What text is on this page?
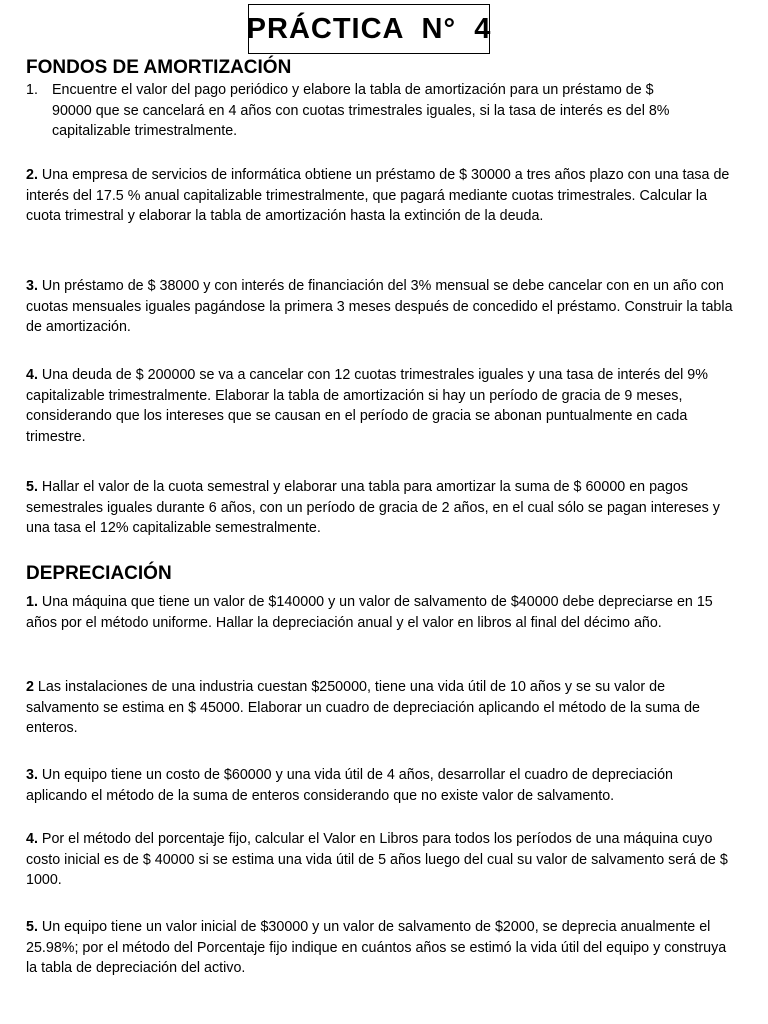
PRÁCTICA  N°  4
FONDOS DE AMORTIZACIÓN
1. Encuentre el valor del pago periódico y elabore la tabla de amortización para un préstamo de $
90000 que se cancelará en 4 años con cuotas trimestrales iguales, si la tasa de interés es del 8% capitalizable trimestralmente.
2. Una empresa de servicios de informática obtiene un préstamo de $ 30000 a tres años plazo con una tasa de interés del 17.5 % anual capitalizable trimestralmente, que pagará mediante cuotas trimestrales. Calcular la cuota trimestral y elaborar la tabla de amortización hasta la extinción de la deuda.
3. Un préstamo de $ 38000 y con interés de financiación del 3% mensual se debe cancelar con en un año con cuotas mensuales iguales pagándose la primera 3 meses después de concedido el préstamo. Construir la tabla de amortización.
4. Una deuda de $ 200000 se va a cancelar con 12 cuotas trimestrales iguales y una tasa de interés del 9% capitalizable trimestralmente. Elaborar la tabla de amortización si hay un período de gracia de 9 meses, considerando que los intereses que se causan en el período de gracia se abonan puntualmente en cada trimestre.
5. Hallar el valor de la cuota semestral y elaborar una tabla para amortizar la suma de $ 60000 en pagos semestrales iguales durante 6 años, con un período de gracia de 2 años, en el cual sólo se pagan intereses y una tasa el 12% capitalizable semestralmente.
DEPRECIACIÓN
1. Una máquina que tiene un valor de $140000 y un valor de salvamento de $40000 debe depreciarse en 15 años por el método uniforme. Hallar la depreciación anual y el valor en libros al final del décimo año.
2 Las instalaciones de una industria cuestan $250000, tiene una vida útil de 10 años y se su valor de salvamento se estima en $ 45000. Elaborar un cuadro de depreciación aplicando el método de la suma de enteros.
3. Un equipo tiene un costo de $60000 y una vida útil de 4 años, desarrollar el cuadro de depreciación aplicando el método de la suma de enteros considerando que no existe valor de salvamento.
4. Por el método del porcentaje fijo, calcular el Valor en Libros para todos los períodos de una máquina cuyo costo inicial es de $ 40000 si se estima una vida útil de 5 años luego del cual su valor de salvamento será de $ 1000.
5. Un equipo tiene un valor inicial de $30000 y un valor de salvamento de $2000, se deprecia anualmente el 25.98%; por el método del Porcentaje fijo indique en cuántos años se estimó la vida útil del equipo y construya la tabla de depreciación del activo.
